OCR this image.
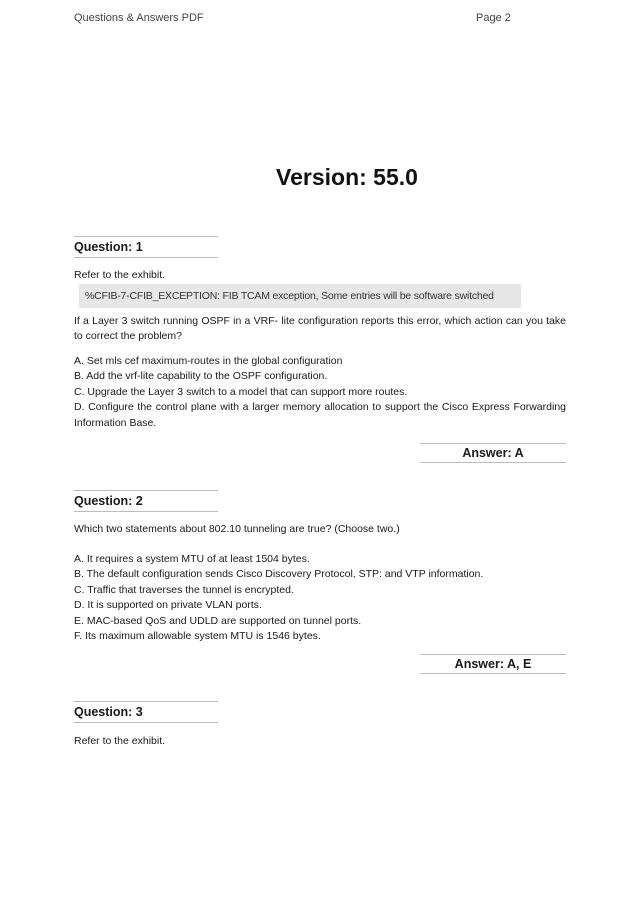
Questions & Answers PDF	Page 2
Version: 55.0
Question: 1
Refer to the exhibit.
%CFIB-7-CFIB_EXCEPTION: FIB TCAM exception, Some entries will be software switched
If a Layer 3 switch running OSPF in a VRF- lite configuration reports this error, which action can you take to correct the problem?

A. Set mls cef maximum-routes in the global configuration

B. Add the vrf-lite capability to the OSPF configuration.

C. Upgrade the Layer 3 switch to a model that can support more routes.

D. Configure the control plane with a larger memory allocation to support the Cisco Express Forwarding Information Base.

Answer: A
Question: 2
Which two statements about 802.10 tunneling are true? (Choose two.)

A. It requires a system MTU of at least 1504 bytes.

B. The default configuration sends Cisco Discovery Protocol, STP: and VTP information.

C. Traffic that traverses the tunnel is encrypted.

D. It is supported on private VLAN ports.

E. MAC-based QoS and UDLD are supported on tunnel ports.

F. Its maximum allowable system MTU is 1546 bytes.

Answer: A, E
Question: 3
Refer to the exhibit.
